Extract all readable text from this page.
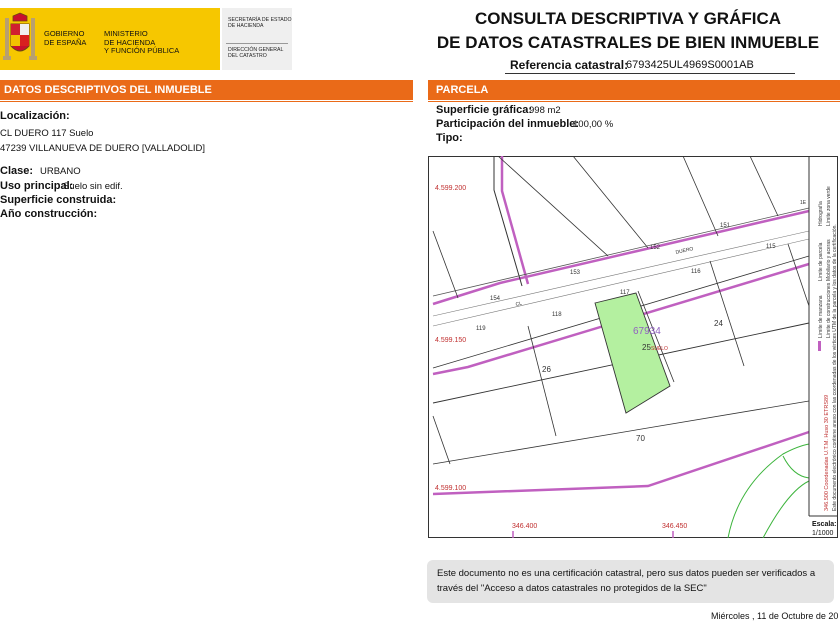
GOBIERNO
DE ESPAÑA
MINISTERIO
DE HACIENDA
Y FUNCIÓN PÚBLICA
SECRETARÍA DE ESTADO
DE HACIENDA
DIRECCIÓN GENERAL
DEL CATASTRO
CONSULTA DESCRIPTIVA Y GRÁFICA
DE DATOS CATASTRALES DE BIEN INMUEBLE
Referencia catastral:
6793425UL4969S0001AB
DATOS DESCRIPTIVOS DEL INMUEBLE
Localización:
CL DUERO 117 Suelo
47239 VILLANUEVA DE DUERO [VALLADOLID]
Clase: URBANO
Uso principal:
Suelo sin edif.
Superficie construida:
Año construcción:
PARCELA
Superficie gráfica:
998 m2
Participación del inmueble:
100,00 %
Tipo:
346.500 Coordenadas U.T.M. Huso 30 ETRS89 Este documento electrónico contiene anexo con las coordenadas de los vértices UTM de la parcela y los datos de la certificación.
Límite de manzana Límite de construcciones
Límite de parcela Mobiliario y aceras
Hidrografía Límite zona verde
4.599.200
4.599.150
4.599.100
346.400	346.450
67934
25 SUELO
24
26
70
CL
DUERO
154
153
152
151
119
118
117
116
115
1E
Escala:
1/1000
Este documento no es una certificación catastral, pero sus datos pueden ser verificados a través del "Acceso a datos catastrales no protegidos de la SEC"
Miércoles , 11 de Octubre de 20
